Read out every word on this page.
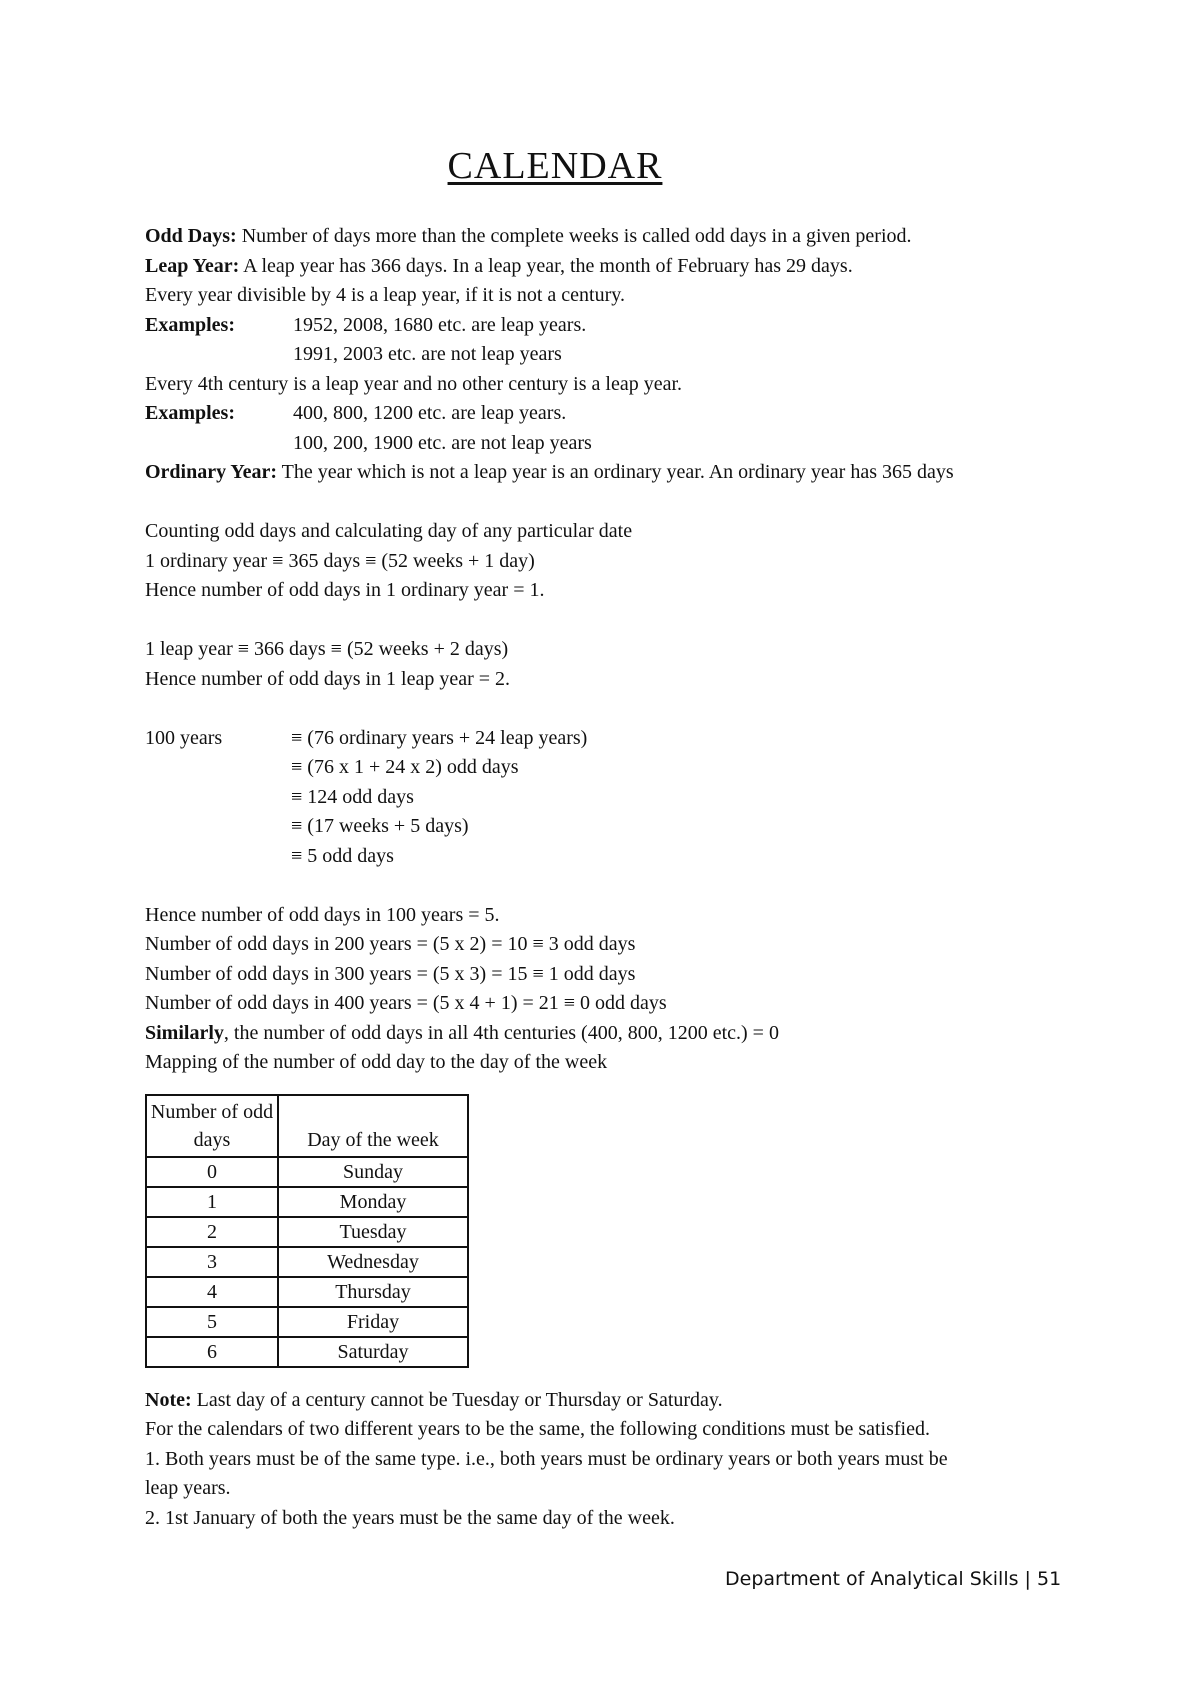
CALENDAR
Odd Days: Number of days more than the complete weeks is called odd days in a given period.
Leap Year: A leap year has 366 days. In a leap year, the month of February has 29 days.
Every year divisible by 4 is a leap year, if it is not a century.
Examples:	1952, 2008, 1680 etc. are leap years.
1991, 2003 etc. are not leap years
Every 4th century is a leap year and no other century is a leap year.
Examples:	400, 800, 1200 etc. are leap years.
100, 200, 1900 etc. are not leap years
Ordinary Year: The year which is not a leap year is an ordinary year. An ordinary year has 365 days
Counting odd days and calculating day of any particular date
1 ordinary year ≡ 365 days ≡ (52 weeks + 1 day)
Hence number of odd days in 1 ordinary year = 1.
1 leap year ≡ 366 days ≡ (52 weeks + 2 days)
Hence number of odd days in 1 leap year = 2.
100 years	≡ (76 ordinary years + 24 leap years)
≡ (76 x 1 + 24 x 2) odd days
≡ 124 odd days
≡ (17 weeks + 5 days)
≡ 5 odd days
Hence number of odd days in 100 years = 5.
Number of odd days in 200 years = (5 x 2) = 10 ≡ 3 odd days
Number of odd days in 300 years = (5 x 3) = 15 ≡ 1 odd days
Number of odd days in 400 years = (5 x 4 + 1) = 21 ≡ 0 odd days
Similarly, the number of odd days in all 4th centuries (400, 800, 1200 etc.) = 0
Mapping of the number of odd day to the day of the week
Number of odd days	Day of the week
0	Sunday
1	Monday
2	Tuesday
3	Wednesday
4	Thursday
5	Friday
6	Saturday
Note: Last day of a century cannot be Tuesday or Thursday or Saturday.
For the calendars of two different years to be the same, the following conditions must be satisfied.
1. Both years must be of the same type. i.e., both years must be ordinary years or both years must be
leap years.
2. 1st January of both the years must be the same day of the week.
Department of Analytical Skills | 51
